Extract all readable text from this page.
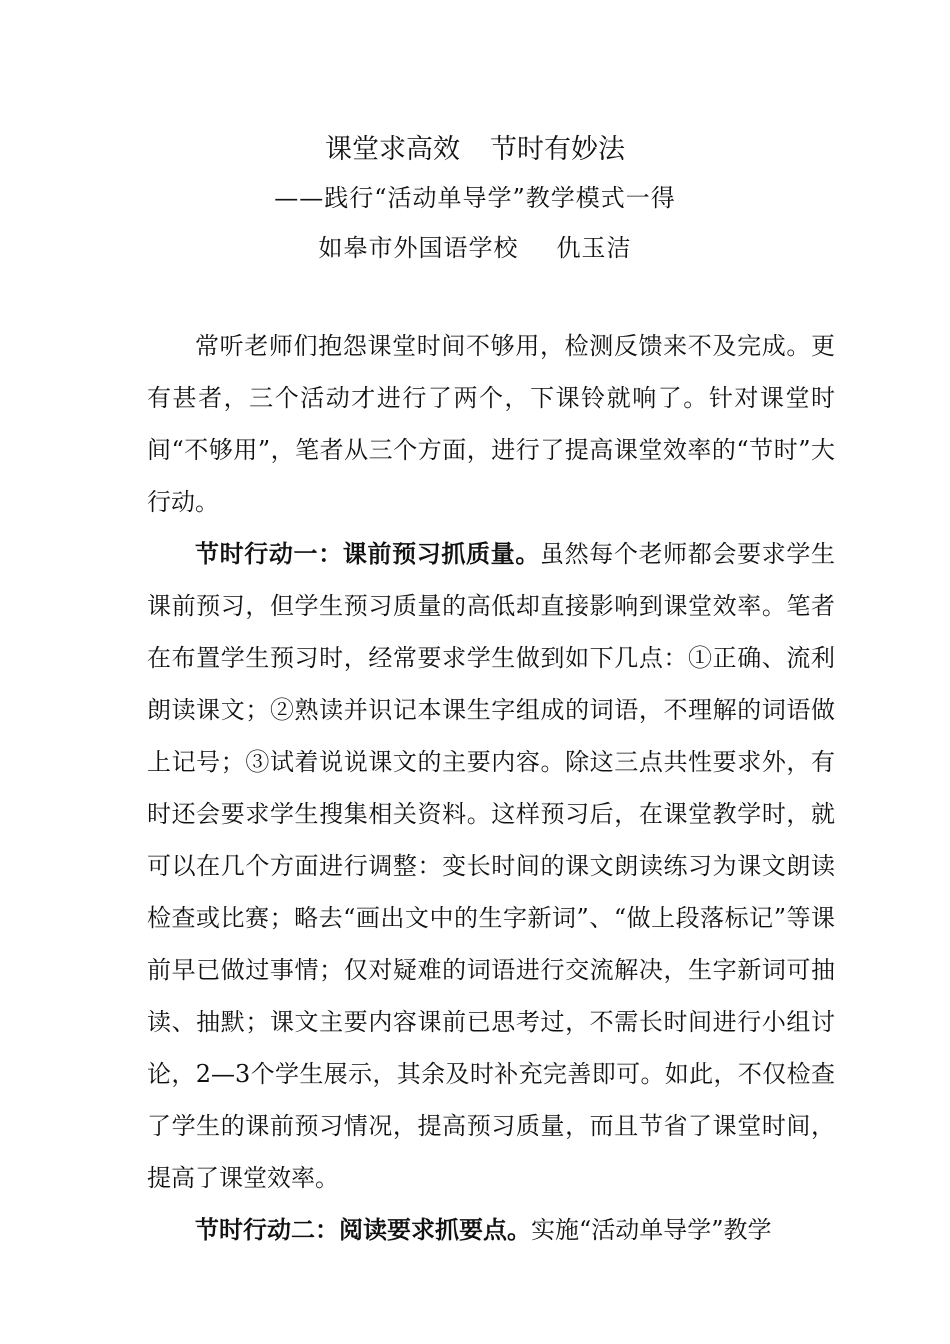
课堂求高效 节时有妙法
——践行“活动单导学”教学模式一得
如皋市外国语学校 仇玉洁

常听老师们抱怨课堂时间不够用，检测反馈来不及完成。更有甚者，三个活动才进行了两个，下课铃就响了。针对课堂时间“不够用”，笔者从三个方面，进行了提高课堂效率的“节时”大行动。

节时行动一：课前预习抓质量。虽然每个老师都会要求学生课前预习，但学生预习质量的高低却直接影响到课堂效率。笔者在布置学生预习时，经常要求学生做到如下几点：①正确、流利朗读课文；②熟读并识记本课生字组成的词语，不理解的词语做上记号；③试着说说课文的主要内容。除这三点共性要求外，有时还会要求学生搜集相关资料。这样预习后，在课堂教学时，就可以在几个方面进行调整：变长时间的课文朗读练习为课文朗读检查或比赛；略去“画出文中的生字新词”、“做上段落标记”等课前早已做过事情；仅对疑难的词语进行交流解决，生字新词可抽读、抽默；课文主要内容课前已思考过，不需长时间进行小组讨论，2—3个学生展示，其余及时补充完善即可。如此，不仅检查了学生的课前预习情况，提高预习质量，而且节省了课堂时间，提高了课堂效率。

节时行动二：阅读要求抓要点。实施“活动单导学”教学
